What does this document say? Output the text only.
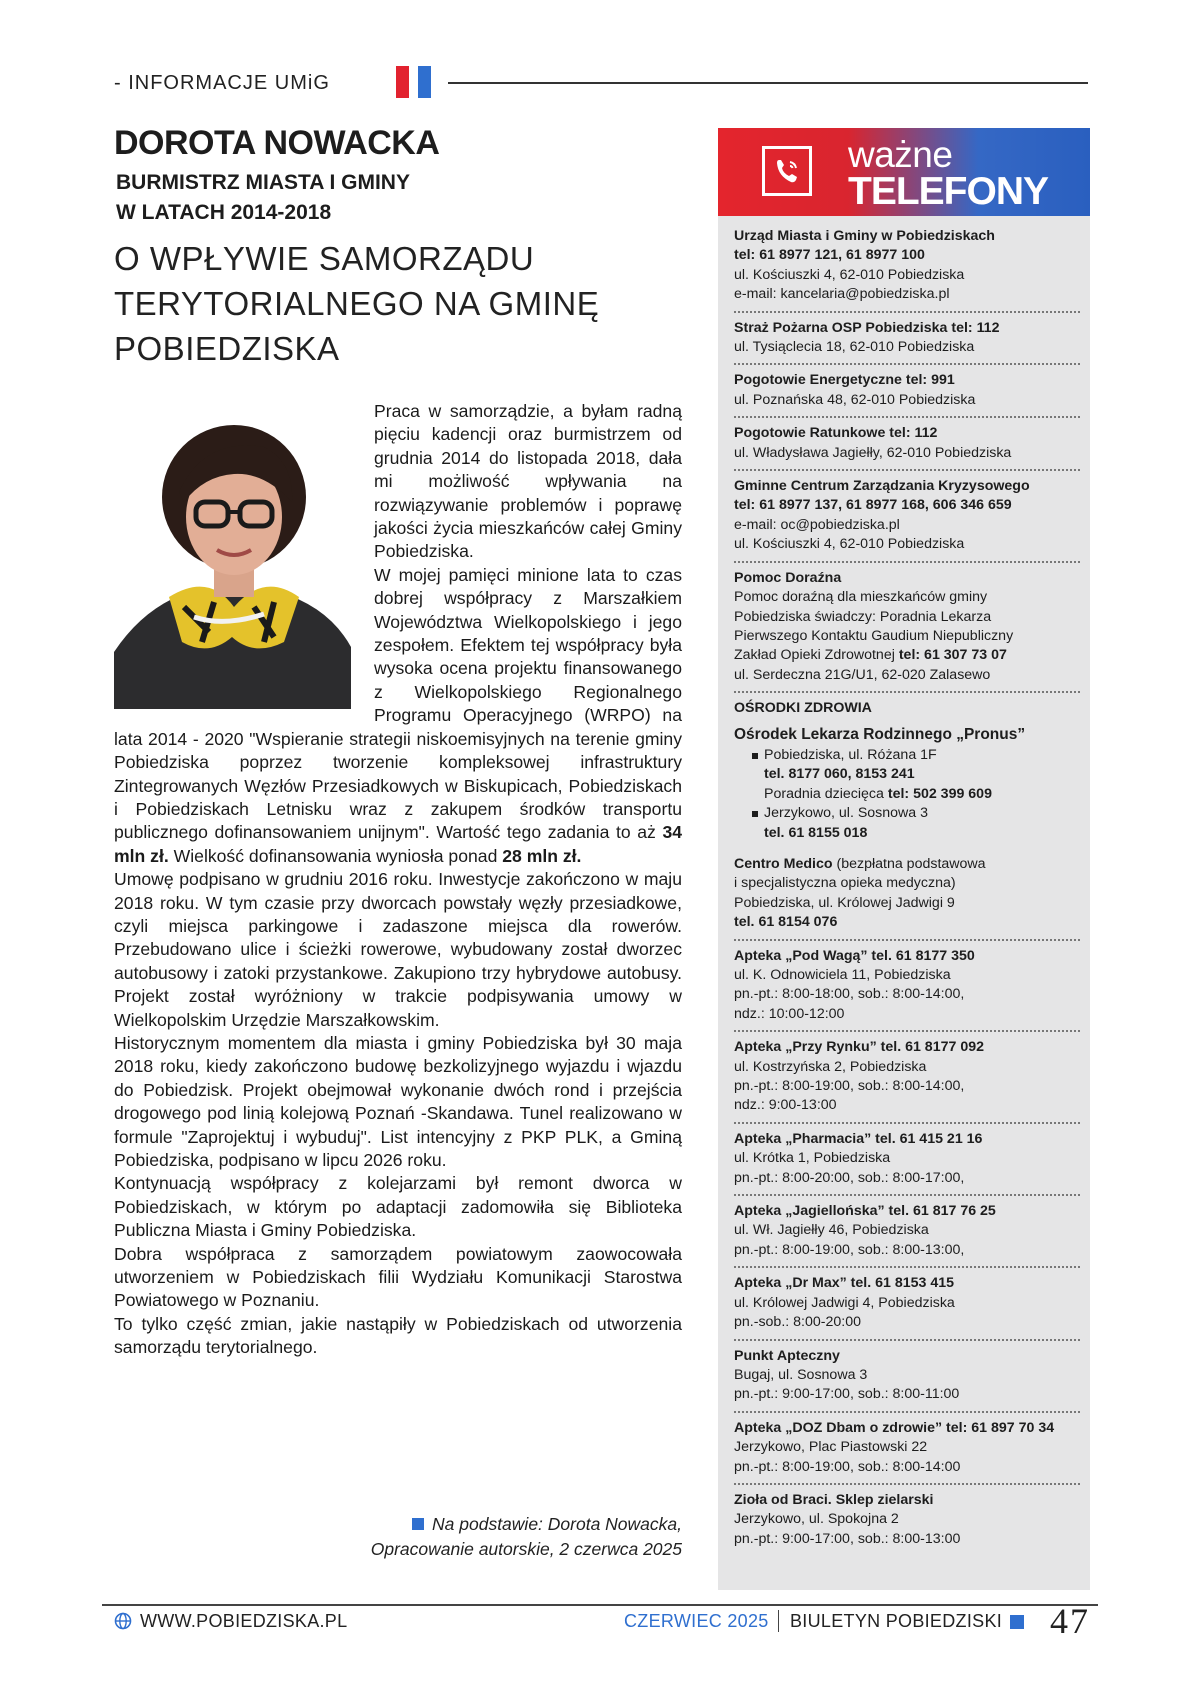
- INFORMACJE UMiG
DOROTA NOWACKA
BURMISTRZ MIASTA I GMINY
W LATACH 2014-2018
O WPŁYWIE SAMORZĄDU
TERYTORIALNEGO NA GMINĘ
POBIEDZISKA

Praca w samorządzie, a byłam radną pięciu kadencji oraz burmistrzem od grudnia 2014 do listopada 2018, dała mi możliwość wpływania na rozwiązywanie problemów i poprawę jakości życia mieszkańców całej Gminy Pobiedziska.

W mojej pamięci minione lata to czas dobrej współpracy z Marszałkiem Województwa Wielkopolskiego i jego zespołem. Efektem tej współpracy była wysoka ocena projektu finansowanego z Wielkopolskiego Regionalnego Programu Operacyjnego (WRPO) na lata 2014 - 2020 "Wspieranie strategii niskoemisyjnych na terenie gminy Pobiedziska poprzez tworzenie kompleksowej infrastruktury Zintegrowanych Węzłów Przesiadkowych w Biskupicach, Pobiedziskach i Pobiedziskach Letnisku wraz z zakupem środków transportu publicznego dofinansowaniem unijnym". Wartość tego zadania to aż 34 mln zł. Wielkość dofinansowania wyniosła ponad 28 mln zł.

Umowę podpisano w grudniu 2016 roku. Inwestycje zakończono w maju 2018 roku. W tym czasie przy dworcach powstały węzły przesiadkowe, czyli miejsca parkingowe i zadaszone miejsca dla rowerów. Przebudowano ulice i ścieżki rowerowe, wybudowany został dworzec autobusowy i zatoki przystankowe. Zakupiono trzy hybrydowe autobusy. Projekt został wyróżniony w trakcie podpisywania umowy w Wielkopolskim Urzędzie Marszałkowskim.

Historycznym momentem dla miasta i gminy Pobiedziska był 30 maja 2018 roku, kiedy zakończono budowę bezkolizyjnego wyjazdu i wjazdu do Pobiedzisk. Projekt obejmował wykonanie dwóch rond i przejścia drogowego pod linią kolejową Poznań -Skandawa. Tunel realizowano w formule "Zaprojektuj i wybuduj". List intencyjny z PKP PLK, a Gminą Pobiedziska, podpisano w lipcu 2026 roku.

Kontynuacją współpracy z kolejarzami był remont dworca w Pobiedziskach, w którym po adaptacji zadomowiła się Biblioteka Publiczna Miasta i Gminy Pobiedziska.

Dobra współpraca z samorządem powiatowym zaowocowała utworzeniem w Pobiedziskach filii Wydziału Komunikacji Starostwa Powiatowego w Poznaniu.

To tylko część zmian, jakie nastąpiły w Pobiedziskach od utworzenia samorządu terytorialnego.

Na podstawie: Dorota Nowacka,
Opracowanie autorskie, 2 czerwca 2025
ważne
TELEFONY
Urząd Miasta i Gminy w Pobiedziskach
tel: 61 8977 121, 61 8977 100
ul. Kościuszki 4, 62-010 Pobiedziska
e-mail: kancelaria@pobiedziska.pl
Straż Pożarna OSP Pobiedziska tel: 112
ul. Tysiąclecia 18, 62-010 Pobiedziska
Pogotowie Energetyczne tel: 991
ul. Poznańska 48, 62-010 Pobiedziska
Pogotowie Ratunkowe tel: 112
ul. Władysława Jagiełły, 62-010 Pobiedziska
Gminne Centrum Zarządzania Kryzysowego
tel: 61 8977 137, 61 8977 168, 606 346 659
e-mail: oc@pobiedziska.pl
ul. Kościuszki 4, 62-010 Pobiedziska
Pomoc Doraźna
Pomoc doraźną dla mieszkańców gminy
Pobiedziska świadczy: Poradnia Lekarza
Pierwszego Kontaktu Gaudium Niepubliczny
Zakład Opieki Zdrowotnej tel: 61 307 73 07
ul. Serdeczna 21G/U1, 62-020 Zalasewo
OŚRODKI ZDROWIA
Ośrodek Lekarza Rodzinnego „Pronus”
Pobiedziska, ul. Różana 1F
tel. 8177 060, 8153 241
Poradnia dziecięca tel: 502 399 609
Jerzykowo, ul. Sosnowa 3
tel. 61 8155 018
Centro Medico (bezpłatna podstawowa
i specjalistyczna opieka medyczna)
Pobiedziska, ul. Królowej Jadwigi 9
tel. 61 8154 076
Apteka „Pod Wagą” tel. 61 8177 350
ul. K. Odnowiciela 11, Pobiedziska
pn.-pt.: 8:00-18:00, sob.: 8:00-14:00,
ndz.: 10:00-12:00
Apteka „Przy Rynku” tel. 61 8177 092
ul. Kostrzyńska 2, Pobiedziska
pn.-pt.: 8:00-19:00, sob.: 8:00-14:00,
ndz.: 9:00-13:00
Apteka „Pharmacia” tel. 61 415 21 16
ul. Krótka 1, Pobiedziska
pn.-pt.: 8:00-20:00, sob.: 8:00-17:00,
Apteka „Jagiellońska” tel. 61 817 76 25
ul. Wł. Jagiełły 46, Pobiedziska
pn.-pt.: 8:00-19:00, sob.: 8:00-13:00,
Apteka „Dr Max” tel. 61 8153 415
ul. Królowej Jadwigi 4, Pobiedziska
pn.-sob.: 8:00-20:00
Punkt Apteczny
Bugaj, ul. Sosnowa 3
pn.-pt.: 9:00-17:00, sob.: 8:00-11:00
Apteka „DOZ Dbam o zdrowie” tel: 61 897 70 34
Jerzykowo, Plac Piastowski 22
pn.-pt.: 8:00-19:00, sob.: 8:00-14:00
Zioła od Braci. Sklep zielarski
Jerzykowo, ul. Spokojna 2
pn.-pt.: 9:00-17:00, sob.: 8:00-13:00
WWW.POBIEDZISKA.PL	CZERWIEC 2025 BIULETYN POBIEDZISKI 47
